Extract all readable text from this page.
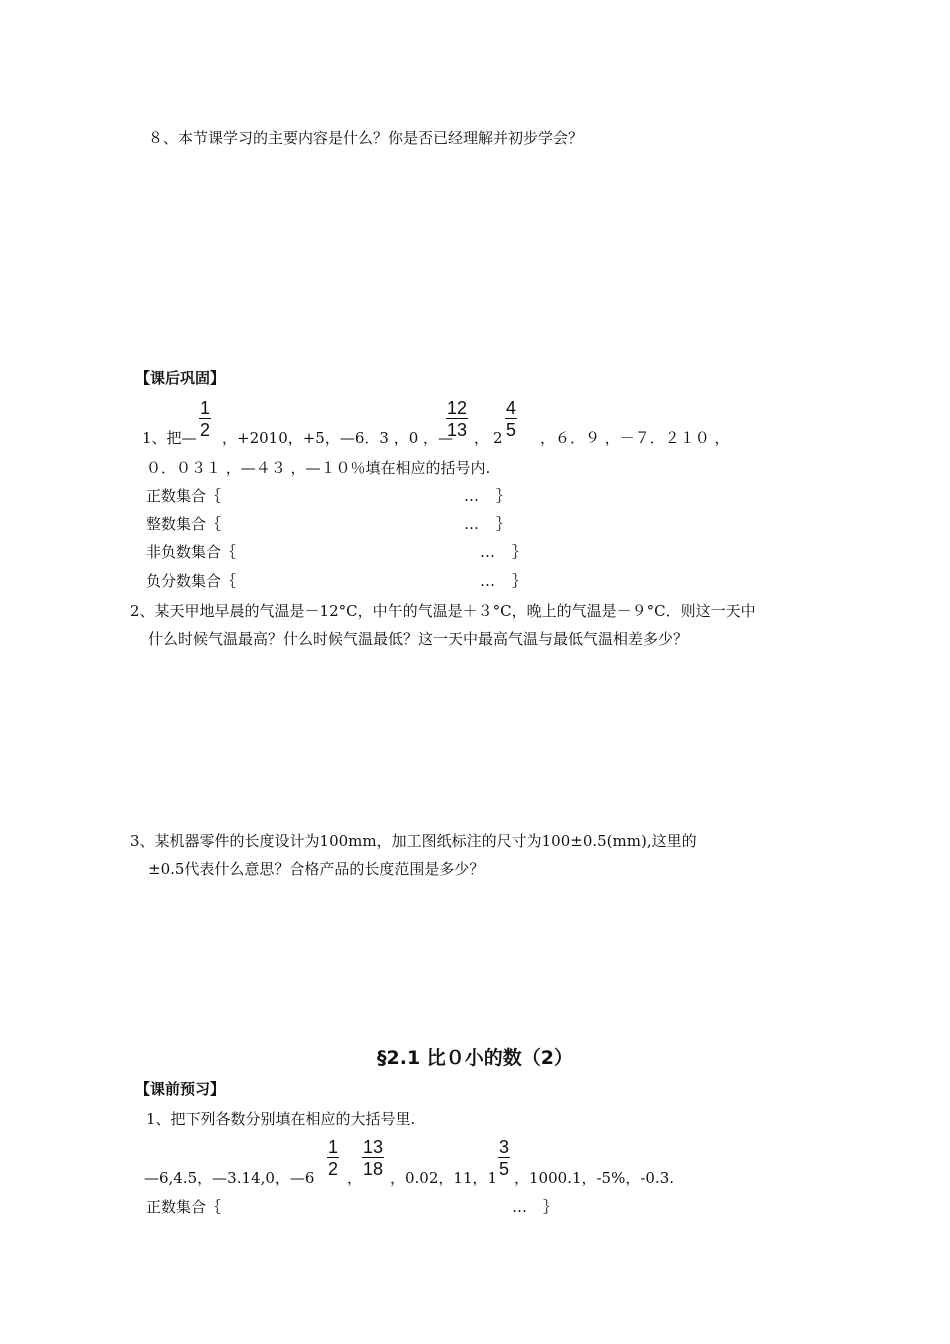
８、本节课学习的主要内容是什么？你是否已经理解并初步学会？
【课后巩固】
1、把— $\frac{1}{2}$ ，+2010，+5，—6．3 ，0 ，—
$\frac{12}{13}$ ， $2 \frac{4}{5}$ ，６．９ ，－７．２１０ ，
０．０３１ ，—４３ ，—１０％填在相应的括号内.
正数集合｛	… ｝
整数集合｛	… ｝
非负数集合｛	… ｝
负分数集合｛	… ｝
2、某天甲地早晨的气温是－12°C，中午的气温是＋３°C，晚上的气温是－９°C．则这一天中
什么时候气温最高？什么时候气温最低？这一天中最高气温与最低气温相差多少？
3、某机器零件的长度设计为100mm，加工图纸标注的尺寸为100±0.5(mm),这里的
±0.5代表什么意思？合格产品的长度范围是多少？
§2.1 比０小的数（2）
【课前预习】
1、把下列各数分别填在相应的大括号里.
—6,4.5，—3.14,0，—6 $\frac{1}{2}$ ， $\frac{13}{18}$ ，0.02，11，$1 \frac{3}{5}$ ，1000.1，-5%，-0.3.
正数集合｛	… ｝
